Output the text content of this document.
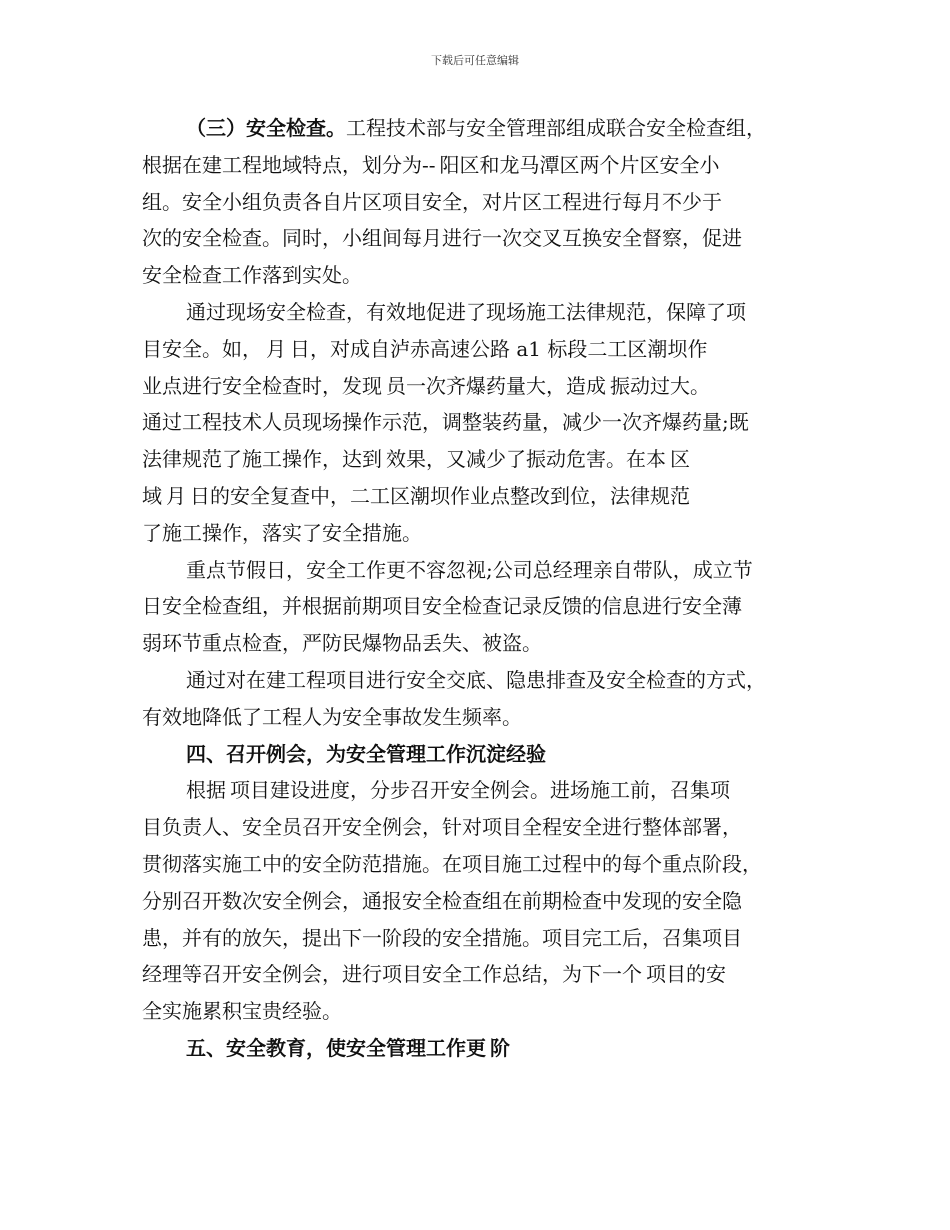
下载后可任意编辑
（三）安全检查。工程技术部与安全管理部组成联合安全检查组，
根据在建工程地域特点，划分为-- 阳区和龙马潭区两个片区安全小
组。安全小组负责各自片区项目安全，对片区工程进行每月不少于
次的安全检查。同时，小组间每月进行一次交叉互换安全督察，促进
安全检查工作落到实处。
通过现场安全检查，有效地促进了现场施工法律规范，保障了项
目安全。如， 月 日，对成自泸赤高速公路 a1 标段二工区潮坝作
业点进行安全检查时，发现 员一次齐爆药量大，造成 振动过大。
通过工程技术人员现场操作示范，调整装药量，减少一次齐爆药量;既
法律规范了施工操作，达到 效果，又减少了振动危害。在本 区
域 月 日的安全复查中，二工区潮坝作业点整改到位，法律规范
了施工操作，落实了安全措施。
重点节假日，安全工作更不容忽视;公司总经理亲自带队，成立节
日安全检查组，并根据前期项目安全检查记录反馈的信息进行安全薄
弱环节重点检查，严防民爆物品丢失、被盗。
通过对在建工程项目进行安全交底、隐患排查及安全检查的方式，
有效地降低了工程人为安全事故发生频率。
四、召开例会，为安全管理工作沉淀经验
根据 项目建设进度，分步召开安全例会。进场施工前，召集项
目负责人、安全员召开安全例会，针对项目全程安全进行整体部署，
贯彻落实施工中的安全防范措施。在项目施工过程中的每个重点阶段，
分别召开数次安全例会，通报安全检查组在前期检查中发现的安全隐
患，并有的放矢，提出下一阶段的安全措施。项目完工后，召集项目
经理等召开安全例会，进行项目安全工作总结，为下一个 项目的安
全实施累积宝贵经验。
五、安全教育，使安全管理工作更 阶
